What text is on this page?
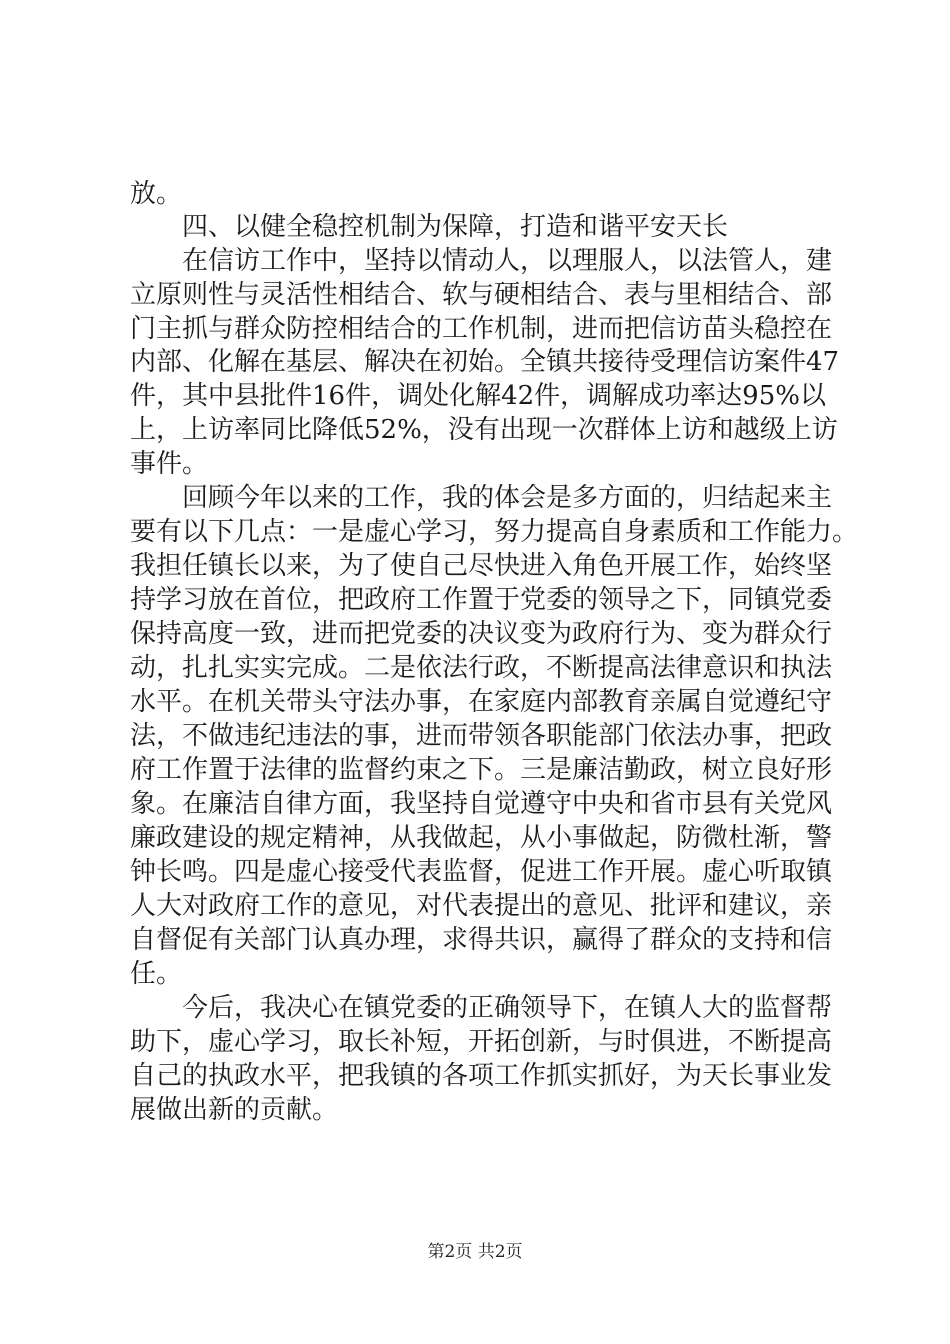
放。
四、以健全稳控机制为保障，打造和谐平安天长
在信访工作中，坚持以情动人，以理服人，以法管人，建
立原则性与灵活性相结合、软与硬相结合、表与里相结合、部
门主抓与群众防控相结合的工作机制，进而把信访苗头稳控在
内部、化解在基层、解决在初始。全镇共接待受理信访案件47
件，其中县批件16件，调处化解42件，调解成功率达95%以
上，上访率同比降低52%，没有出现一次群体上访和越级上访
事件。
回顾今年以来的工作，我的体会是多方面的，归结起来主
要有以下几点：一是虚心学习，努力提高自身素质和工作能力。
我担任镇长以来，为了使自己尽快进入角色开展工作，始终坚
持学习放在首位，把政府工作置于党委的领导之下，同镇党委
保持高度一致，进而把党委的决议变为政府行为、变为群众行
动，扎扎实实完成。二是依法行政，不断提高法律意识和执法
水平。在机关带头守法办事，在家庭内部教育亲属自觉遵纪守
法，不做违纪违法的事，进而带领各职能部门依法办事，把政
府工作置于法律的监督约束之下。三是廉洁勤政，树立良好形
象。在廉洁自律方面，我坚持自觉遵守中央和省市县有关党风
廉政建设的规定精神，从我做起，从小事做起，防微杜渐，警
钟长鸣。四是虚心接受代表监督，促进工作开展。虚心听取镇
人大对政府工作的意见，对代表提出的意见、批评和建议，亲
自督促有关部门认真办理，求得共识，赢得了群众的支持和信
任。
今后，我决心在镇党委的正确领导下，在镇人大的监督帮
助下，虚心学习，取长补短，开拓创新，与时俱进，不断提高
自己的执政水平，把我镇的各项工作抓实抓好，为天长事业发
展做出新的贡献。
第2页 共2页
